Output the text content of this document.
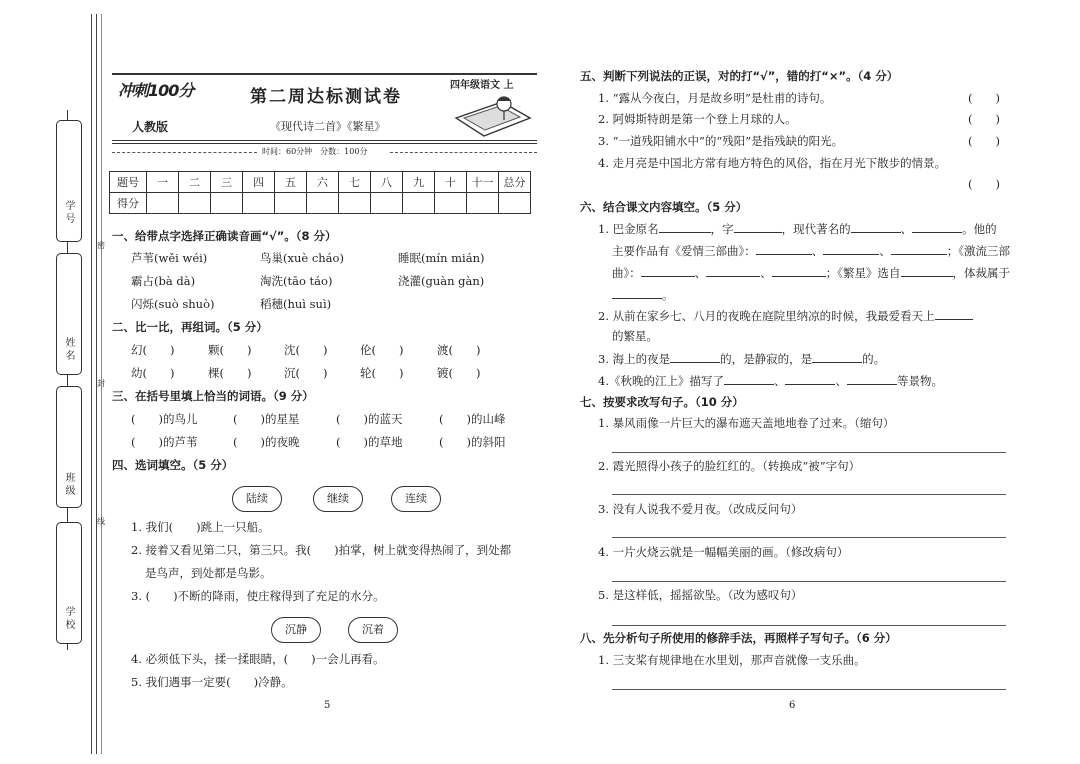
学 号
姓 名
班 级
学 校
密
封
线
冲刺100分	第二周达标测试卷
四年级语文 上
人教版	《现代诗二首》《繁星》
时间：60分钟　分数：100分
题号	一	二	三	四	五	六	七	八	九	十	十一	总分
得分												
一、给带点字选择正确读音画“√”。（8 分）
芦苇(wěi wéi)	鸟巢(xuè cháo)	睡眠(mín mián)
霸占(bà dà)	淘洗(tāo táo)	浇灌(guàn gàn)
闪烁(suò shuò)	稻穗(huì suì)
二、比一比，再组词。（5 分）
幻(　　)	颗(　　)	沈(　　)	伦(　　)	渡(　　)
幼(　　)	棵(　　)	沉(　　)	轮(　　)	镀(　　)
三、在括号里填上恰当的词语。（9 分）
(　　)的鸟儿	(　　)的星星	(　　)的蓝天	(　　)的山峰
(　　)的芦苇	(　　)的夜晚	(　　)的草地	(　　)的斜阳
四、选词填空。（5 分）
陆续	继续	连续
1. 我们(　　)跳上一只船。
2. 接着又看见第二只，第三只。我(　　)拍掌，树上就变得热闹了，到处都
是鸟声，到处都是鸟影。
3. (　　)不断的降雨，使庄稼得到了充足的水分。
沉静	沉着
4. 必须低下头，揉一揉眼睛，(　　)一会儿再看。
5. 我们遇事一定要(　　)冷静。
5
五、判断下列说法的正误，对的打“√”，错的打“×”。（4 分）
1. “露从今夜白，月是故乡明”是杜甫的诗句。	(　　)
2. 阿姆斯特朗是第一个登上月球的人。	(　　)
3. “一道残阳铺水中”的“残阳”是指残缺的阳光。	(　　)
4. 走月亮是中国北方常有地方特色的风俗，指在月光下散步的情景。
(　　)
六、结合课文内容填空。（5 分）
1. 巴金原名	，字	，现代著名的	、	。他的
主要作品有《爱情三部曲》：	、	、	；《激流三部
曲》：	、	、	；《繁星》选自	，体裁属于
。
2. 从前在家乡七、八月的夜晚在庭院里纳凉的时候，我最爱看天上
的繁星。
3. 海上的夜是	的，是静寂的，是	的。
4.《秋晚的江上》描写了	、	、	等景物。
七、按要求改写句子。（10 分）
1. 暴风雨像一片巨大的瀑布遮天盖地地卷了过来。（缩句）
2. 霞光照得小孩子的脸红红的。（转换成“被”字句）
3. 没有人说我不爱月夜。（改成反问句）
4. 一片火烧云就是一幅幅美丽的画。（修改病句）
5. 是这样低，摇摇欲坠。（改为感叹句）
八、先分析句子所使用的修辞手法，再照样子写句子。（6 分）
1. 三支桨有规律地在水里划，那声音就像一支乐曲。
6
